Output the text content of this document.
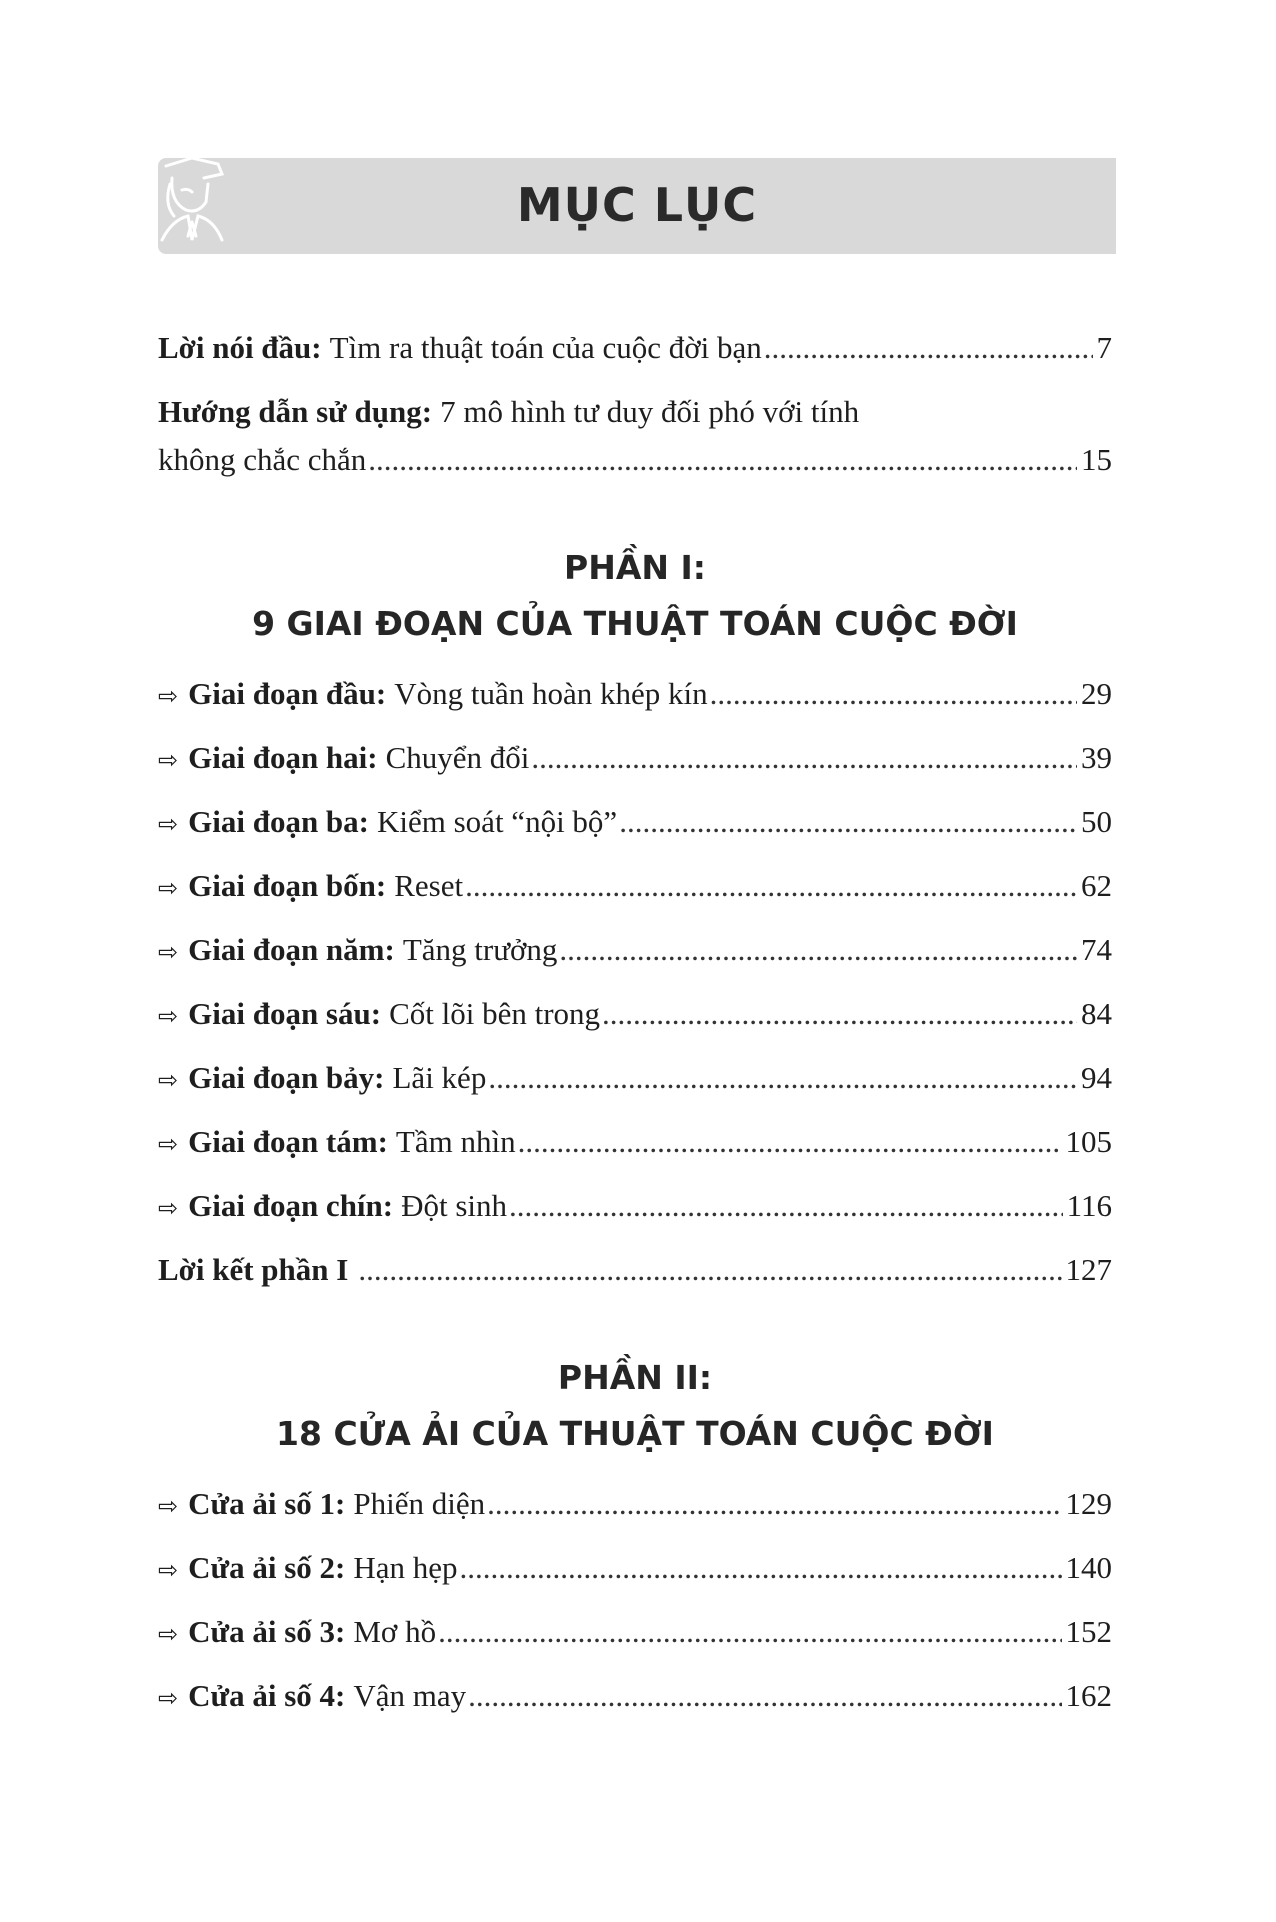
MỤC LỤC
Lời nói đầu: Tìm ra thuật toán của cuộc đời bạn .....	7
Hướng dẫn sử dụng: 7 mô hình tư duy đối phó với tính
không chắc chắn .....	15
PHẦN I:
9 GIAI ĐOẠN CỦA THUẬT TOÁN CUỘC ĐỜI
⇨ Giai đoạn đầu: Vòng tuần hoàn khép kín .....	29
⇨ Giai đoạn hai: Chuyển đổi .....	39
⇨ Giai đoạn ba: Kiểm soát “nội bộ” .....	50
⇨ Giai đoạn bốn: Reset .....	62
⇨ Giai đoạn năm: Tăng trưởng .....	74
⇨ Giai đoạn sáu: Cốt lõi bên trong .....	84
⇨ Giai đoạn bảy: Lãi kép .....	94
⇨ Giai đoạn tám: Tầm nhìn .....	105
⇨ Giai đoạn chín: Đột sinh .....	116
Lời kết phần I .....	127
PHẦN II:
18 CỬA ẢI CỦA THUẬT TOÁN CUỘC ĐỜI
⇨ Cửa ải số 1: Phiến diện .....	129
⇨ Cửa ải số 2: Hạn hẹp .....	140
⇨ Cửa ải số 3: Mơ hồ .....	152
⇨ Cửa ải số 4: Vận may .....	162
